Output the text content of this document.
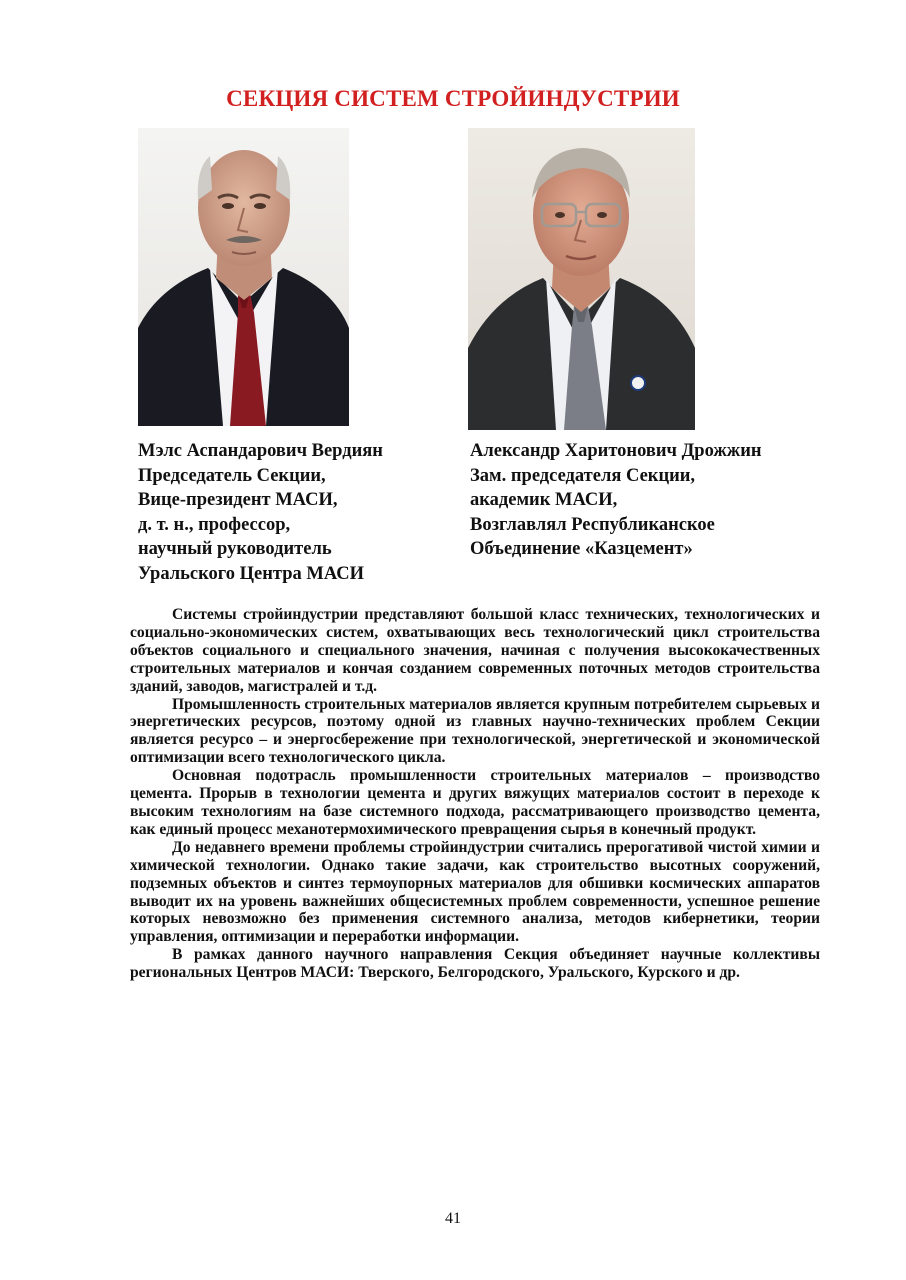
СЕКЦИЯ СИСТЕМ СТРОЙИНДУСТРИИ
Мэлс Аспандарович Вердиян
Председатель Секции,
Вице-президент МАСИ,
д. т. н., профессор,
научный руководитель
Уральского Центра МАСИ
Александр Харитонович Дрожжин
Зам. председателя Секции,
академик МАСИ,
Возглавлял Республиканское
Объединение «Казцемент»

Системы стройиндустрии представляют большой класс технических, технологических и социально-экономических систем, охватывающих весь технологический цикл строительства объектов социального и специального значения, начиная с получения высококачественных строительных материалов и кончая созданием современных поточных методов строительства зданий, заводов, магистралей и т.д.

Промышленность строительных материалов является крупным потребителем сырьевых и энергетических ресурсов, поэтому одной из главных научно-технических проблем Секции является ресурсо – и энергосбережение при технологической, энергетической и экономической оптимизации всего технологического цикла.

Основная подотрасль промышленности строительных материалов – производство цемента. Прорыв в технологии цемента и других вяжущих материалов состоит в переходе к высоким технологиям на базе системного подхода, рассматривающего производство цемента, как единый процесс механотермохимического превращения сырья в конечный продукт.

До недавнего времени проблемы стройиндустрии считались прерогативой чистой химии и химической технологии. Однако такие задачи, как строительство высотных сооружений, подземных объектов и синтез термоупорных материалов для обшивки космических аппаратов выводит их на уровень важнейших общесистемных проблем современности, успешное решение которых невозможно без применения системного анализа, методов кибернетики, теории управления, оптимизации и переработки информации.

В рамках данного научного направления Секция объединяет научные коллективы региональных Центров МАСИ: Тверского, Белгородского, Уральского, Курского и др.

41
